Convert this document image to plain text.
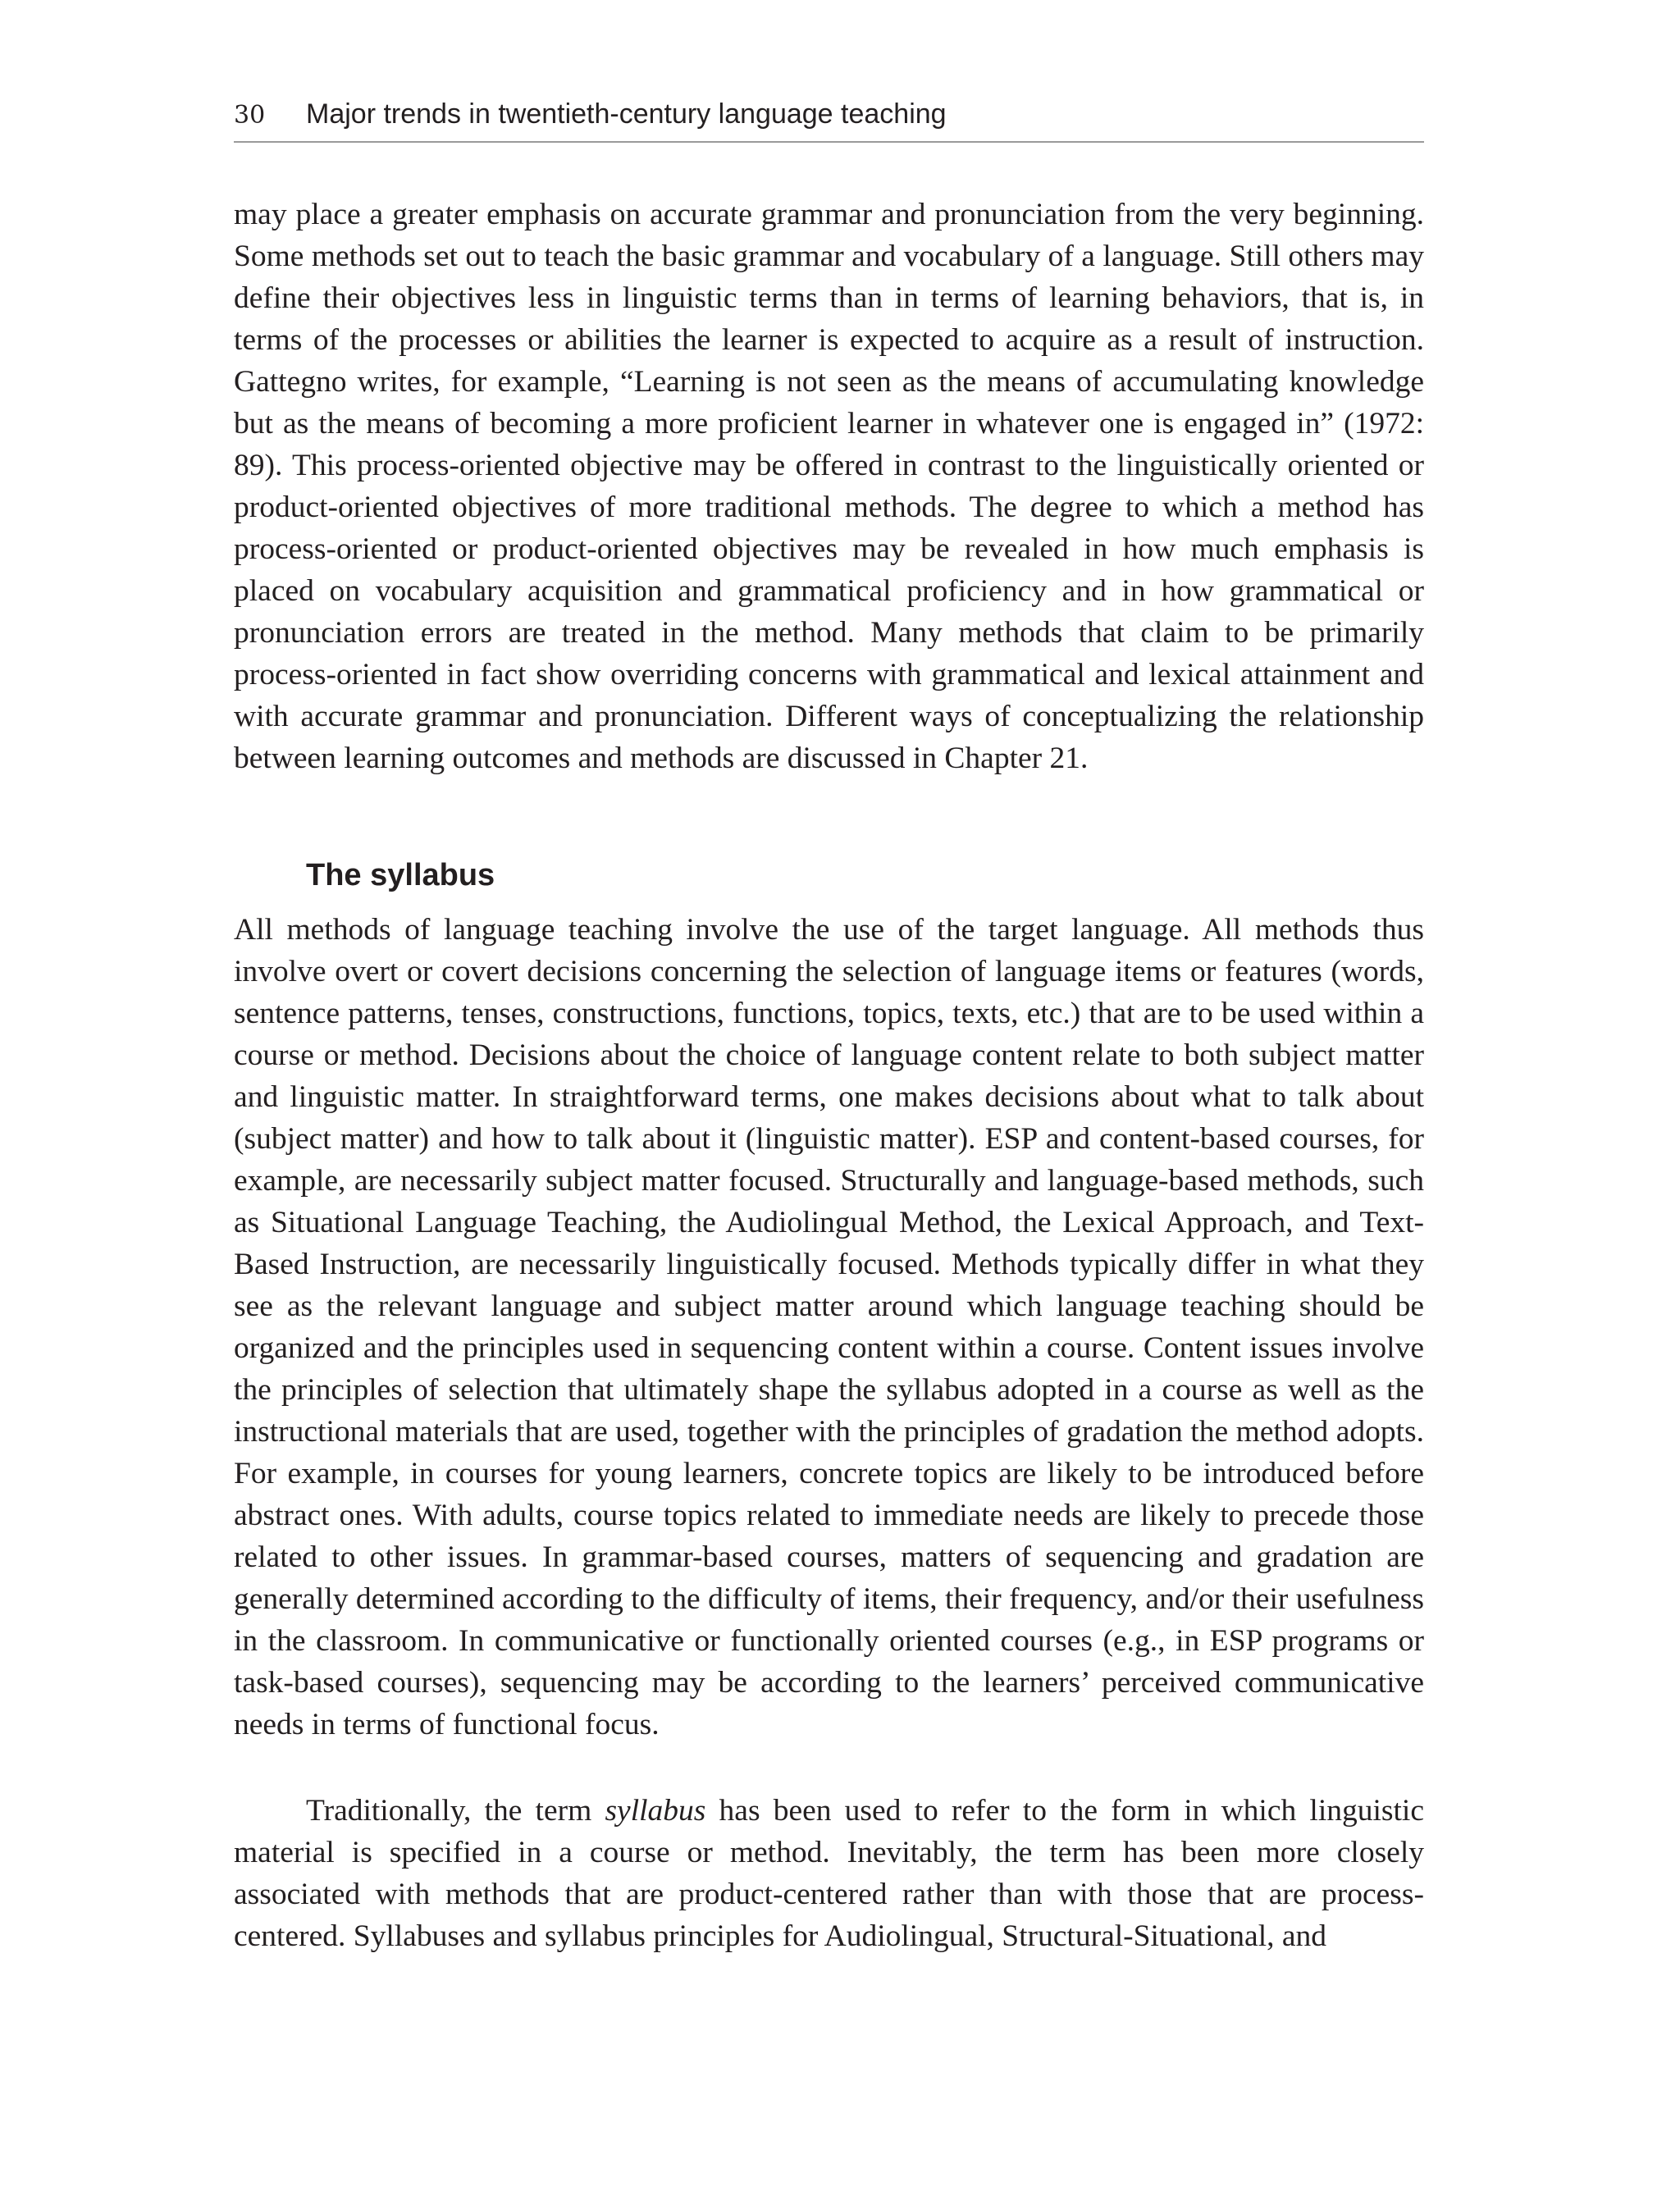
30 Major trends in twentieth-century language teaching

may place a greater emphasis on accurate grammar and pronunciation from the very beginning. Some methods set out to teach the basic grammar and vocabulary of a language. Still others may define their objectives less in linguistic terms than in terms of learning behaviors, that is, in terms of the processes or abilities the learner is expected to acquire as a result of instruction. Gattegno writes, for example, “Learning is not seen as the means of accumulating knowledge but as the means of becoming a more proficient learner in whatever one is engaged in” (1972: 89). This process-oriented objective may be offered in contrast to the linguistically oriented or product-oriented objectives of more traditional methods. The degree to which a method has process-oriented or product-oriented objectives may be revealed in how much emphasis is placed on vocabulary acquisition and grammatical proficiency and in how grammatical or pronunciation errors are treated in the method. Many methods that claim to be primarily process-oriented in fact show overriding concerns with grammatical and lexical attainment and with accurate grammar and pronunciation. Different ways of conceptualizing the relationship between learning outcomes and methods are discussed in Chapter 21.

The syllabus

All methods of language teaching involve the use of the target language. All methods thus involve overt or covert decisions concerning the selection of language items or features (words, sentence patterns, tenses, constructions, functions, topics, texts, etc.) that are to be used within a course or method. Decisions about the choice of language content relate to both subject matter and linguistic matter. In straightforward terms, one makes decisions about what to talk about (subject matter) and how to talk about it (linguistic matter). ESP and content-based courses, for example, are necessarily subject matter focused. Structurally and language-based methods, such as Situational Language Teaching, the Audiolingual Method, the Lexical Approach, and Text-Based Instruction, are necessarily linguistically focused. Methods typically differ in what they see as the relevant language and subject matter around which language teaching should be organized and the principles used in sequencing content within a course. Content issues involve the principles of selection that ultimately shape the syllabus adopted in a course as well as the instructional materials that are used, together with the principles of gradation the method adopts. For example, in courses for young learners, concrete topics are likely to be introduced before abstract ones. With adults, course topics related to immediate needs are likely to precede those related to other issues. In grammar-based courses, matters of sequencing and gradation are generally determined according to the difficulty of items, their frequency, and/or their usefulness in the classroom. In communicative or functionally oriented courses (e.g., in ESP programs or task-based courses), sequencing may be according to the learners’ perceived communicative needs in terms of functional focus.

Traditionally, the term syllabus has been used to refer to the form in which linguistic material is specified in a course or method. Inevitably, the term has been more closely associated with methods that are product-centered rather than with those that are processcentered. Syllabuses and syllabus principles for Audiolingual, Structural-Situational, and
